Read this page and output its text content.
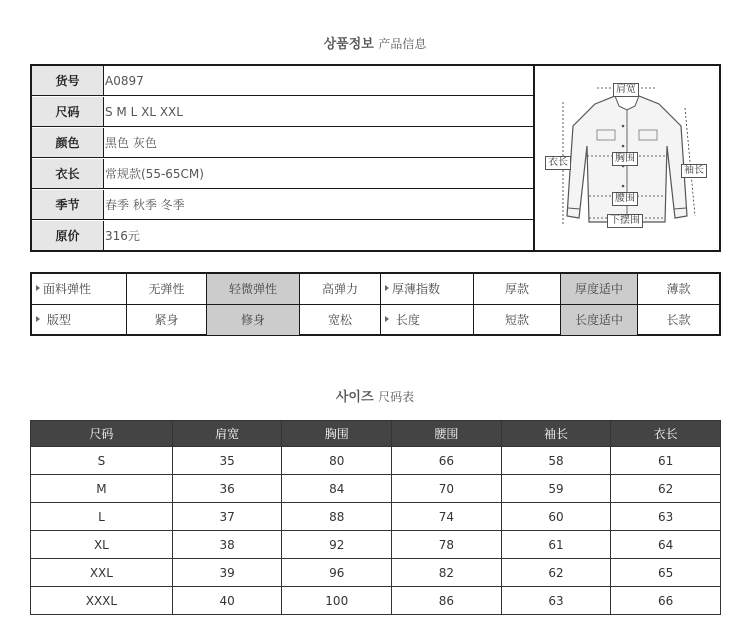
상품정보 产品信息
货号	A0897
尺码	S M L XL XXL
颜色	黑色 灰色
衣长	常规款(55-65CM)
季节	春季 秋季 冬季
原价	316元
肩宽
胸围
腰围
下摆围
衣长
袖长
面料弹性	无弹性	轻微弹性	高弹力	厚薄指数	厚款	厚度适中	薄款
版型	紧身	修身	宽松	长度	短款	长度适中	长款
사이즈 尺码表
尺码	肩宽	胸围	腰围	袖长	衣长
S	35	80	66	58	61
M	36	84	70	59	62
L	37	88	74	60	63
XL	38	92	78	61	64
XXL	39	96	82	62	65
XXXL	40	100	86	63	66
